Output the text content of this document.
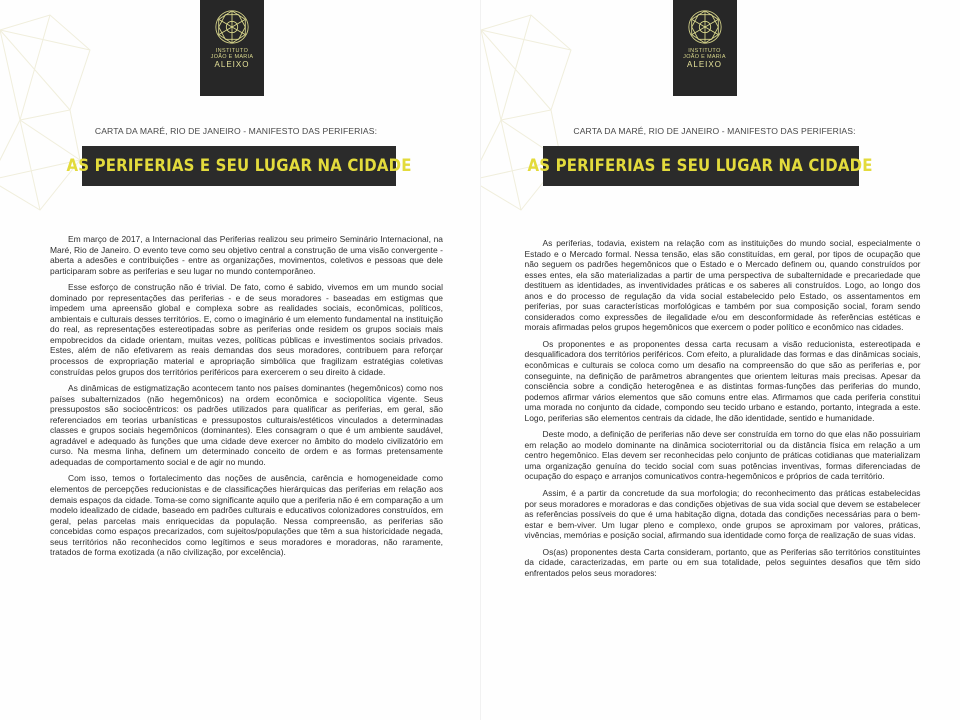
INSTITUTO
JOÃO E MARIA
ALEIXO
CARTA DA MARÉ, RIO DE JANEIRO - MANIFESTO DAS PERIFERIAS:
AS PERIFERIAS E SEU LUGAR NA CIDADE

Em março de 2017, a Internacional das Periferias realizou seu primeiro Seminário Internacional, na Maré, Rio de Janeiro. O evento teve como seu objetivo central a construção de uma visão convergente - aberta a adesões e contribuições - entre as organizações, movimentos, coletivos e pessoas que dele participaram sobre as periferias e seu lugar no mundo contemporâneo.

Esse esforço de construção não é trivial. De fato, como é sabido, vivemos em um mundo social dominado por representações das periferias - e de seus moradores - baseadas em estigmas que impedem uma apreensão global e complexa sobre as realidades sociais, econômicas, políticos, ambientais e culturais desses territórios. E, como o imaginário é um elemento fundamental na instituição do real, as representações estereotipadas sobre as periferias onde residem os grupos sociais mais empobrecidos da cidade orientam, muitas vezes, políticas públicas e investimentos sociais privados. Estes, além de não efetivarem as reais demandas dos seus moradores, contribuem para reforçar processos de expropriação material e apropriação simbólica que fragilizam estratégias coletivas construídas pelos grupos dos territórios periféricos para exercerem o seu direito à cidade.

As dinâmicas de estigmatização acontecem tanto nos países dominantes (hegemônicos) como nos países subalternizados (não hegemônicos) na ordem econômica e sociopolítica vigente. Seus pressupostos são sociocêntricos: os padrões utilizados para qualificar as periferias, em geral, são referenciados em teorias urbanísticas e pressupostos culturais/estéticos vinculados a determinadas classes e grupos sociais hegemônicos (dominantes). Eles consagram o que é um ambiente saudável, agradável e adequado às funções que uma cidade deve exercer no âmbito do modelo civilizatório em curso. Na mesma linha, definem um determinado conceito de ordem e as formas pretensamente adequadas de comportamento social e de agir no mundo.

Com isso, temos o fortalecimento das noções de ausência, carência e homogeneidade como elementos de percepções reducionistas e de classificações hierárquicas das periferias em relação aos demais espaços da cidade. Toma-se como significante aquilo que a periferia não é em comparação a um modelo idealizado de cidade, baseado em padrões culturais e educativos colonizadores construídos, em geral, pelas parcelas mais enriquecidas da população. Nessa compreensão, as periferias são concebidas como espaços precarizados, com sujeitos/populações que têm a sua historicidade negada, seus territórios não reconhecidos como legítimos e seus moradores e moradoras, não raramente, tratados de forma exotizada (a não civilização, por excelência).

INSTITUTO
JOÃO E MARIA
ALEIXO
CARTA DA MARÉ, RIO DE JANEIRO - MANIFESTO DAS PERIFERIAS:
AS PERIFERIAS E SEU LUGAR NA CIDADE

As periferias, todavia, existem na relação com as instituições do mundo social, especialmente o Estado e o Mercado formal. Nessa tensão, elas são constituídas, em geral, por tipos de ocupação que não seguem os padrões hegemônicos que o Estado e o Mercado definem ou, quando construídos por esses entes, ela são materializadas a partir de uma perspectiva de subalternidade e precariedade que destituem as identidades, as inventividades práticas e os saberes ali construídos. Logo, ao longo dos anos e do processo de regulação da vida social estabelecido pelo Estado, os assentamentos em periferias, por suas características morfológicas e também por sua composição social, foram sendo considerados como expressões de ilegalidade e/ou em desconformidade às referências estéticas e morais afirmadas pelos grupos hegemônicos que exercem o poder político e econômico nas cidades.

Os proponentes e as proponentes dessa carta recusam a visão reducionista, estereotipada e desqualificadora dos territórios periféricos. Com efeito, a pluralidade das formas e das dinâmicas sociais, econômicas e culturais se coloca como um desafio na compreensão do que são as periferias e, por conseguinte, na definição de parâmetros abrangentes que orientem leituras mais precisas. Apesar da consciência sobre a condição heterogênea e as distintas formas-funções das periferias do mundo, podemos afirmar vários elementos que são comuns entre elas. Afirmamos que cada periferia constitui uma morada no conjunto da cidade, compondo seu tecido urbano e estando, portanto, integrada a este. Logo, periferias são elementos centrais da cidade, lhe dão identidade, sentido e humanidade.

Deste modo, a definição de periferias não deve ser construída em torno do que elas não possuiriam em relação ao modelo dominante na dinâmica socioterritorial ou da distância física em relação a um centro hegemônico. Elas devem ser reconhecidas pelo conjunto de práticas cotidianas que materializam uma organização genuína do tecido social com suas potências inventivas, formas diferenciadas de ocupação do espaço e arranjos comunicativos contra-hegemônicos e próprios de cada território.

Assim, é a partir da concretude da sua morfologia; do reconhecimento das práticas estabelecidas por seus moradores e moradoras e das condições objetivas de sua vida social que devem se estabelecer as referências possíveis do que é uma habitação digna, dotada das condições necessárias para o bem-estar e bem-viver. Um lugar pleno e complexo, onde grupos se aproximam por valores, práticas, vivências, memórias e posição social, afirmando sua identidade como força de realização de suas vidas.

Os(as) proponentes desta Carta consideram, portanto, que as Periferias são territórios constituintes da cidade, caracterizadas, em parte ou em sua totalidade, pelos seguintes desafios que têm sido enfrentados pelos seus moradores:
